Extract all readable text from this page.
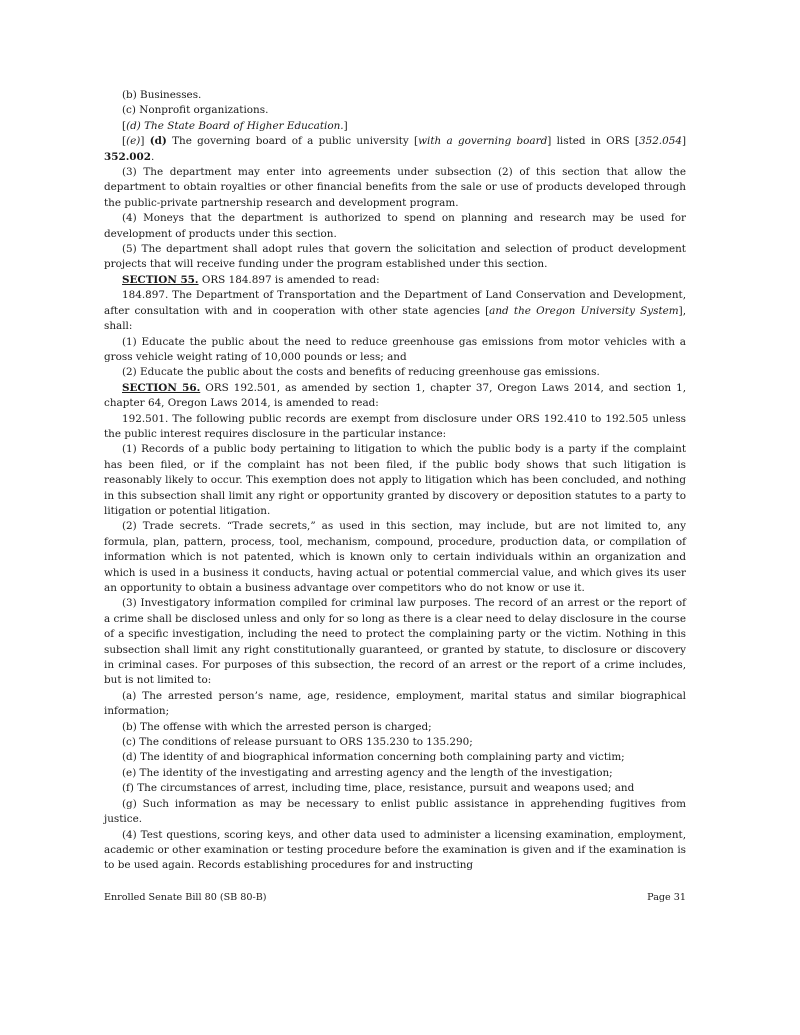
(b) Businesses.

(c) Nonprofit organizations.

[(d) The State Board of Higher Education.]

[(e)] (d) The governing board of a public university [with a governing board] listed in ORS [352.054] 352.002.

(3) The department may enter into agreements under subsection (2) of this section that allow the department to obtain royalties or other financial benefits from the sale or use of products developed through the public-private partnership research and development program.

(4) Moneys that the department is authorized to spend on planning and research may be used for development of products under this section.

(5) The department shall adopt rules that govern the solicitation and selection of product development projects that will receive funding under the program established under this section.

SECTION 55. ORS 184.897 is amended to read:

184.897. The Department of Transportation and the Department of Land Conservation and Development, after consultation with and in cooperation with other state agencies [and the Oregon University System], shall:

(1) Educate the public about the need to reduce greenhouse gas emissions from motor vehicles with a gross vehicle weight rating of 10,000 pounds or less; and

(2) Educate the public about the costs and benefits of reducing greenhouse gas emissions.

SECTION 56. ORS 192.501, as amended by section 1, chapter 37, Oregon Laws 2014, and section 1, chapter 64, Oregon Laws 2014, is amended to read:

192.501. The following public records are exempt from disclosure under ORS 192.410 to 192.505 unless the public interest requires disclosure in the particular instance:

(1) Records of a public body pertaining to litigation to which the public body is a party if the complaint has been filed, or if the complaint has not been filed, if the public body shows that such litigation is reasonably likely to occur. This exemption does not apply to litigation which has been concluded, and nothing in this subsection shall limit any right or opportunity granted by discovery or deposition statutes to a party to litigation or potential litigation.

(2) Trade secrets. “Trade secrets,” as used in this section, may include, but are not limited to, any formula, plan, pattern, process, tool, mechanism, compound, procedure, production data, or compilation of information which is not patented, which is known only to certain individuals within an organization and which is used in a business it conducts, having actual or potential commercial value, and which gives its user an opportunity to obtain a business advantage over competitors who do not know or use it.

(3) Investigatory information compiled for criminal law purposes. The record of an arrest or the report of a crime shall be disclosed unless and only for so long as there is a clear need to delay disclosure in the course of a specific investigation, including the need to protect the complaining party or the victim. Nothing in this subsection shall limit any right constitutionally guaranteed, or granted by statute, to disclosure or discovery in criminal cases. For purposes of this subsection, the record of an arrest or the report of a crime includes, but is not limited to:

(a) The arrested person’s name, age, residence, employment, marital status and similar biographical information;

(b) The offense with which the arrested person is charged;

(c) The conditions of release pursuant to ORS 135.230 to 135.290;

(d) The identity of and biographical information concerning both complaining party and victim;

(e) The identity of the investigating and arresting agency and the length of the investigation;

(f) The circumstances of arrest, including time, place, resistance, pursuit and weapons used; and

(g) Such information as may be necessary to enlist public assistance in apprehending fugitives from justice.

(4) Test questions, scoring keys, and other data used to administer a licensing examination, employment, academic or other examination or testing procedure before the examination is given and if the examination is to be used again. Records establishing procedures for and instructing

Enrolled Senate Bill 80 (SB 80-B)	Page 31
